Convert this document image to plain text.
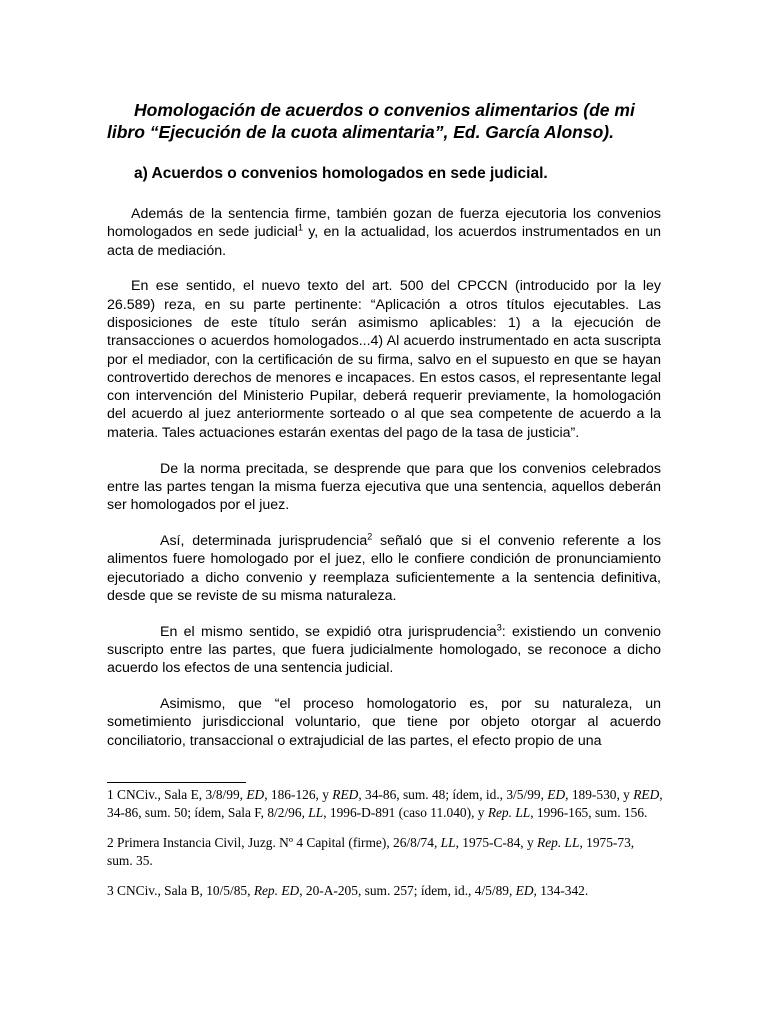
Homologación de acuerdos o convenios alimentarios (de mi libro “Ejecución de la cuota alimentaria”, Ed. García Alonso).
a) Acuerdos o convenios homologados en sede judicial.

Además de la sentencia firme, también gozan de fuerza ejecutoria los convenios homologados en sede judicial$^1$ y, en la actualidad, los acuerdos instrumentados en un acta de mediación.

En ese sentido, el nuevo texto del art. 500 del CPCCN (introducido por la ley 26.589) reza, en su parte pertinente: “Aplicación a otros títulos ejecutables. Las disposiciones de este título serán asimismo aplicables: 1) a la ejecución de transacciones o acuerdos homologados...4) Al acuerdo instrumentado en acta suscripta por el mediador, con la certificación de su firma, salvo en el supuesto en que se hayan controvertido derechos de menores e incapaces. En estos casos, el representante legal con intervención del Ministerio Pupilar, deberá requerir previamente, la homologación del acuerdo al juez anteriormente sorteado o al que sea competente de acuerdo a la materia. Tales actuaciones estarán exentas del pago de la tasa de justicia”.

De la norma precitada, se desprende que para que los convenios celebrados entre las partes tengan la misma fuerza ejecutiva que una sentencia, aquellos deberán ser homologados por el juez.

Así, determinada jurisprudencia$^2$ señaló que si el convenio referente a los alimentos fuere homologado por el juez, ello le confiere condición de pronunciamiento ejecutoriado a dicho convenio y reemplaza suficientemente a la sentencia definitiva, desde que se reviste de su misma naturaleza.

En el mismo sentido, se expidió otra jurisprudencia$^3$: existiendo un convenio suscripto entre las partes, que fuera judicialmente homologado, se reconoce a dicho acuerdo los efectos de una sentencia judicial.

Asimismo, que “el proceso homologatorio es, por su naturaleza, un sometimiento jurisdiccional voluntario, que tiene por objeto otorgar al acuerdo conciliatorio, transaccional o extrajudicial de las partes, el efecto propio de una

1 CNCiv., Sala E, 3/8/99, ED, 186-126, y RED, 34-86, sum. 48; ídem, id., 3/5/99, ED, 189-530, y RED, 34-86, sum. 50; ídem, Sala F, 8/2/96, LL, 1996-D-891 (caso 11.040), y Rep. LL, 1996-165, sum. 156.

2 Primera Instancia Civil, Juzg. Nº 4 Capital (firme), 26/8/74, LL, 1975-C-84, y Rep. LL, 1975-73, sum. 35.

3 CNCiv., Sala B, 10/5/85, Rep. ED, 20-A-205, sum. 257; ídem, id., 4/5/89, ED, 134-342.
